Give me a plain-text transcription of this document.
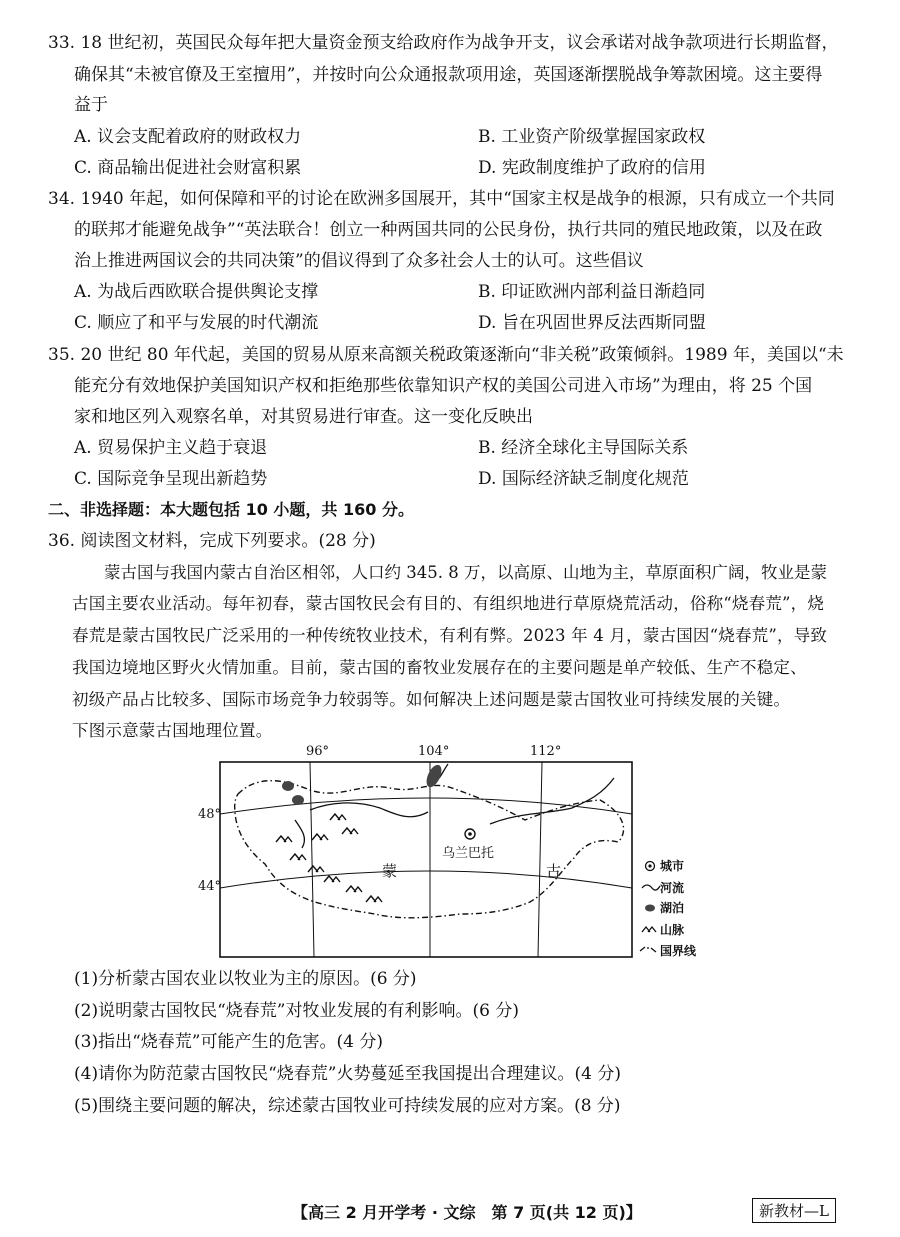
33. 18 世纪初，英国民众每年把大量资金预支给政府作为战争开支，议会承诺对战争款项进行长期监督，
确保其“未被官僚及王室擅用”，并按时向公众通报款项用途，英国逐渐摆脱战争筹款困境。这主要得
益于
A. 议会支配着政府的财政权力	B. 工业资产阶级掌握国家政权
C. 商品输出促进社会财富积累	D. 宪政制度维护了政府的信用
34. 1940 年起，如何保障和平的讨论在欧洲多国展开，其中“国家主权是战争的根源，只有成立一个共同
的联邦才能避免战争”“英法联合！创立一种两国共同的公民身份，执行共同的殖民地政策，以及在政
治上推进两国议会的共同决策”的倡议得到了众多社会人士的认可。这些倡议
A. 为战后西欧联合提供舆论支撑	B. 印证欧洲内部利益日渐趋同
C. 顺应了和平与发展的时代潮流	D. 旨在巩固世界反法西斯同盟
35. 20 世纪 80 年代起，美国的贸易从原来高额关税政策逐渐向“非关税”政策倾斜。1989 年，美国以“未
能充分有效地保护美国知识产权和拒绝那些依靠知识产权的美国公司进入市场”为理由，将 25 个国
家和地区列入观察名单，对其贸易进行审查。这一变化反映出
A. 贸易保护主义趋于衰退	B. 经济全球化主导国际关系
C. 国际竞争呈现出新趋势	D. 国际经济缺乏制度化规范
二、非选择题：本大题包括 10 小题，共 160 分。
36. 阅读图文材料，完成下列要求。(28 分)
蒙古国与我国内蒙古自治区相邻，人口约 345. 8 万，以高原、山地为主，草原面积广阔，牧业是蒙
古国主要农业活动。每年初春，蒙古国牧民会有目的、有组织地进行草原烧荒活动，俗称“烧春荒”，烧
春荒是蒙古国牧民广泛采用的一种传统牧业技术，有利有弊。2023 年 4 月，蒙古国因“烧春荒”，导致
我国边境地区野火火情加重。目前，蒙古国的畜牧业发展存在的主要问题是单产较低、生产不稳定、
初级产品占比较多、国际市场竞争力较弱等。如何解决上述问题是蒙古国牧业可持续发展的关键。
下图示意蒙古国地理位置。
96°	104°	112°
48°
44°
乌兰巴托
蒙	古	城市
河流
湖泊
山脉
国界线
(1)分析蒙古国农业以牧业为主的原因。(6 分)
(2)说明蒙古国牧民“烧春荒”对牧业发展的有利影响。(6 分)
(3)指出“烧春荒”可能产生的危害。(4 分)
(4)请你为防范蒙古国牧民“烧春荒”火势蔓延至我国提出合理建议。(4 分)
(5)围绕主要问题的解决，综述蒙古国牧业可持续发展的应对方案。(8 分)
【高三 2 月开学考 · 文综　第 7 页(共 12 页)】	新教材—L
